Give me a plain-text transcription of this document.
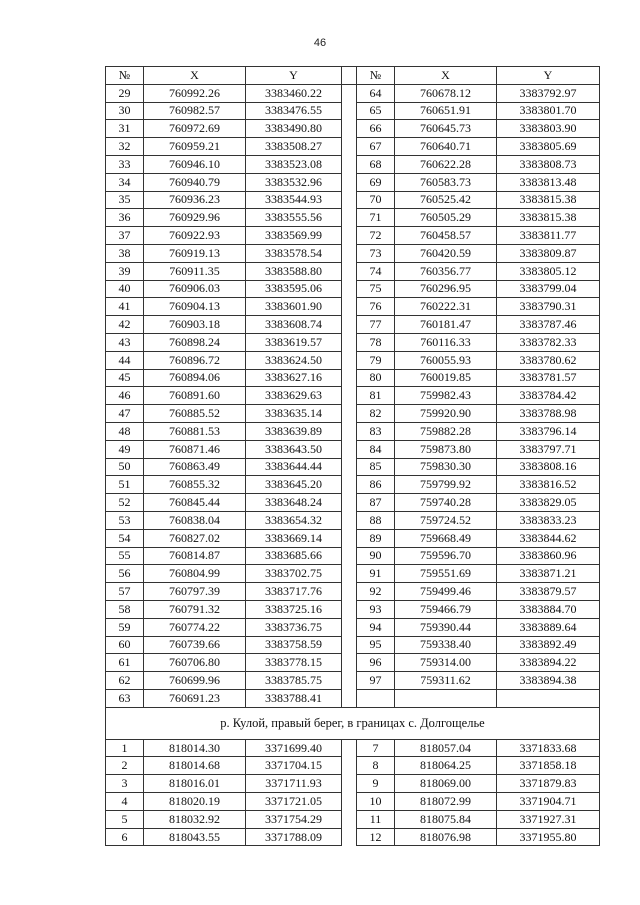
46
№	X	Y		№	X	Y
29	760992.26	3383460.22		64	760678.12	3383792.97
30	760982.57	3383476.55		65	760651.91	3383801.70
31	760972.69	3383490.80		66	760645.73	3383803.90
32	760959.21	3383508.27		67	760640.71	3383805.69
33	760946.10	3383523.08		68	760622.28	3383808.73
34	760940.79	3383532.96		69	760583.73	3383813.48
35	760936.23	3383544.93		70	760525.42	3383815.38
36	760929.96	3383555.56		71	760505.29	3383815.38
37	760922.93	3383569.99		72	760458.57	3383811.77
38	760919.13	3383578.54		73	760420.59	3383809.87
39	760911.35	3383588.80		74	760356.77	3383805.12
40	760906.03	3383595.06		75	760296.95	3383799.04
41	760904.13	3383601.90		76	760222.31	3383790.31
42	760903.18	3383608.74		77	760181.47	3383787.46
43	760898.24	3383619.57		78	760116.33	3383782.33
44	760896.72	3383624.50		79	760055.93	3383780.62
45	760894.06	3383627.16		80	760019.85	3383781.57
46	760891.60	3383629.63		81	759982.43	3383784.42
47	760885.52	3383635.14		82	759920.90	3383788.98
48	760881.53	3383639.89		83	759882.28	3383796.14
49	760871.46	3383643.50		84	759873.80	3383797.71
50	760863.49	3383644.44		85	759830.30	3383808.16
51	760855.32	3383645.20		86	759799.92	3383816.52
52	760845.44	3383648.24		87	759740.28	3383829.05
53	760838.04	3383654.32		88	759724.52	3383833.23
54	760827.02	3383669.14		89	759668.49	3383844.62
55	760814.87	3383685.66		90	759596.70	3383860.96
56	760804.99	3383702.75		91	759551.69	3383871.21
57	760797.39	3383717.76		92	759499.46	3383879.57
58	760791.32	3383725.16		93	759466.79	3383884.70
59	760774.22	3383736.75		94	759390.44	3383889.64
60	760739.66	3383758.59		95	759338.40	3383892.49
61	760706.80	3383778.15		96	759314.00	3383894.22
62	760699.96	3383785.75		97	759311.62	3383894.38
63	760691.23	3383788.41				
р. Кулой, правый берег, в границах с. Долгощелье						
1	818014.30	3371699.40		7	818057.04	3371833.68
2	818014.68	3371704.15		8	818064.25	3371858.18
3	818016.01	3371711.93		9	818069.00	3371879.83
4	818020.19	3371721.05		10	818072.99	3371904.71
5	818032.92	3371754.29		11	818075.84	3371927.31
6	818043.55	3371788.09		12	818076.98	3371955.80
